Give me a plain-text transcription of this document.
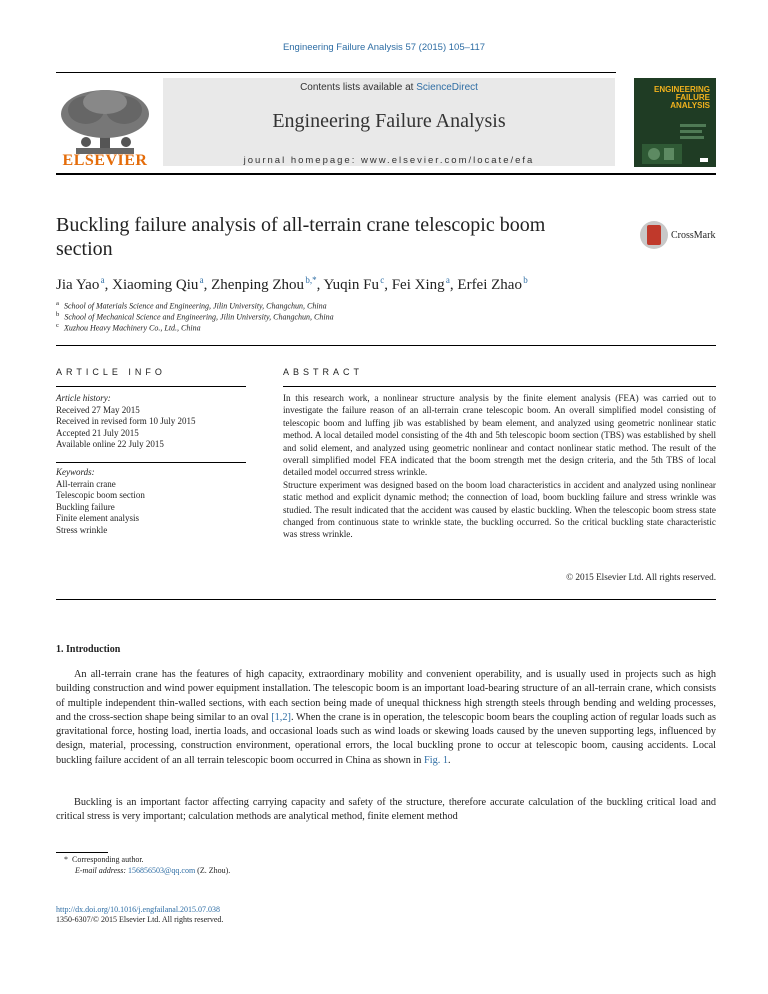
Engineering Failure Analysis 57 (2015) 105–117
ELSEVIER
Contents lists available at ScienceDirect
Engineering Failure Analysis
journal homepage: www.elsevier.com/locate/efa
ENGINEERING FAILURE ANALYSIS
Buckling failure analysis of all-terrain crane telescopic boom section
CrossMark
Jia Yao $^a$, Xiaoming Qiu $^a$, Zhenping Zhou $^{b,*}$, Yuqin Fu $^c$, Fei Xing $^a$, Erfei Zhao $^b$
$^a$ School of Materials Science and Engineering, Jilin University, Changchun, China
$^b$ School of Mechanical Science and Engineering, Jilin University, Changchun, China
$^c$ Xuzhou Heavy Machinery Co., Ltd., China
ARTICLE INFO
Article history:
Received 27 May 2015
Received in revised form 10 July 2015
Accepted 21 July 2015
Available online 22 July 2015
Keywords:
All-terrain crane
Telescopic boom section
Buckling failure
Finite element analysis
Stress wrinkle
ABSTRACT
In this research work, a nonlinear structure analysis by the finite element analysis (FEA) was carried out to investigate the failure reason of an all-terrain crane telescopic boom. An overall simplified model consisting of telescopic boom and luffing jib was established by beam element, and analyzed using geometric nonlinear static method. A local detailed model consisting of the 4th and 5th telescopic boom section (TBS) was established by shell and solid element, and analyzed using geometric nonlinear and contact nonlinear static method. The result of the overall simplified model FEA indicated that the boom strength met the design criteria, and the 5th TBS of local detailed model occurred stress wrinkle.
Structure experiment was designed based on the boom load characteristics in accident and analyzed using nonlinear static method and explicit dynamic method; the connection of load, boom buckling failure and stress wrinkle was studied. The result indicated that the accident was caused by elastic buckling. When the telescopic boom stress state changed from continuous state to wrinkle state, the buckling occurred. So the critical buckling state characteristic was stress wrinkle.
© 2015 Elsevier Ltd. All rights reserved.
1. Introduction
An all-terrain crane has the features of high capacity, extraordinary mobility and convenient operability, and is usually used in projects such as high building construction and wind power equipment installation. The telescopic boom is an important load-bearing structure of an all-terrain crane, which consists of multiple independent thin-walled sections, with each section being made of unequal thickness high strength steels through bending and welding processes, and the cross-section shape being similar to an oval [1,2]. When the crane is in operation, the telescopic boom bears the coupling action of regular loads such as gravitational force, hosting load, inertia loads, and occasional loads such as wind loads or skewing loads caused by the uneven supporting legs, influenced by design, material, processing, construction environment, operational errors, the local buckling prone to occur at telescopic boom, causing accidents. Local buckling failure accident of an all terrain telescopic boom occurred in China as shown in Fig. 1.
Buckling is an important factor affecting carrying capacity and safety of the structure, therefore accurate calculation of the buckling critical load and critical stress is very important; calculation methods are analytical method, finite element method
* Corresponding author.
E-mail address: 156856503@qq.com (Z. Zhou).
http://dx.doi.org/10.1016/j.engfailanal.2015.07.038
1350-6307/© 2015 Elsevier Ltd. All rights reserved.
